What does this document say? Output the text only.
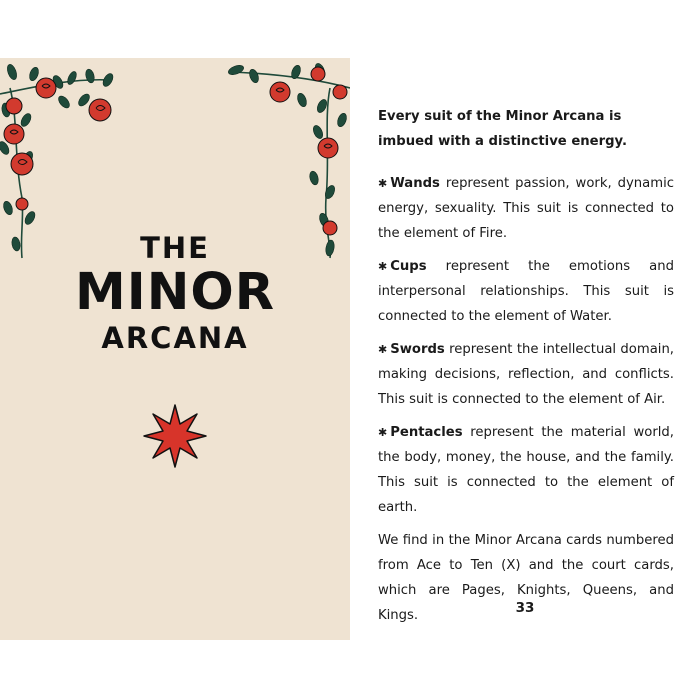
THE
MINOR
ARCANA

Every suit of the Minor Arcana is imbued with a distinctive energy.

✱ Wands represent passion, work, dynamic energy, sexuality. This suit is connected to the element of Fire.

✱ Cups represent the emotions and interpersonal relationships. This suit is connected to the element of Water.

✱ Swords represent the intellectual domain, making decisions, reflection, and conflicts. This suit is connected to the element of Air.

✱ Pentacles represent the material world, the body, money, the house, and the family. This suit is connected to the element of earth.

We find in the Minor Arcana cards numbered from Ace to Ten (X) and the court cards, which are Pages, Knights, Queens, and Kings.	33
